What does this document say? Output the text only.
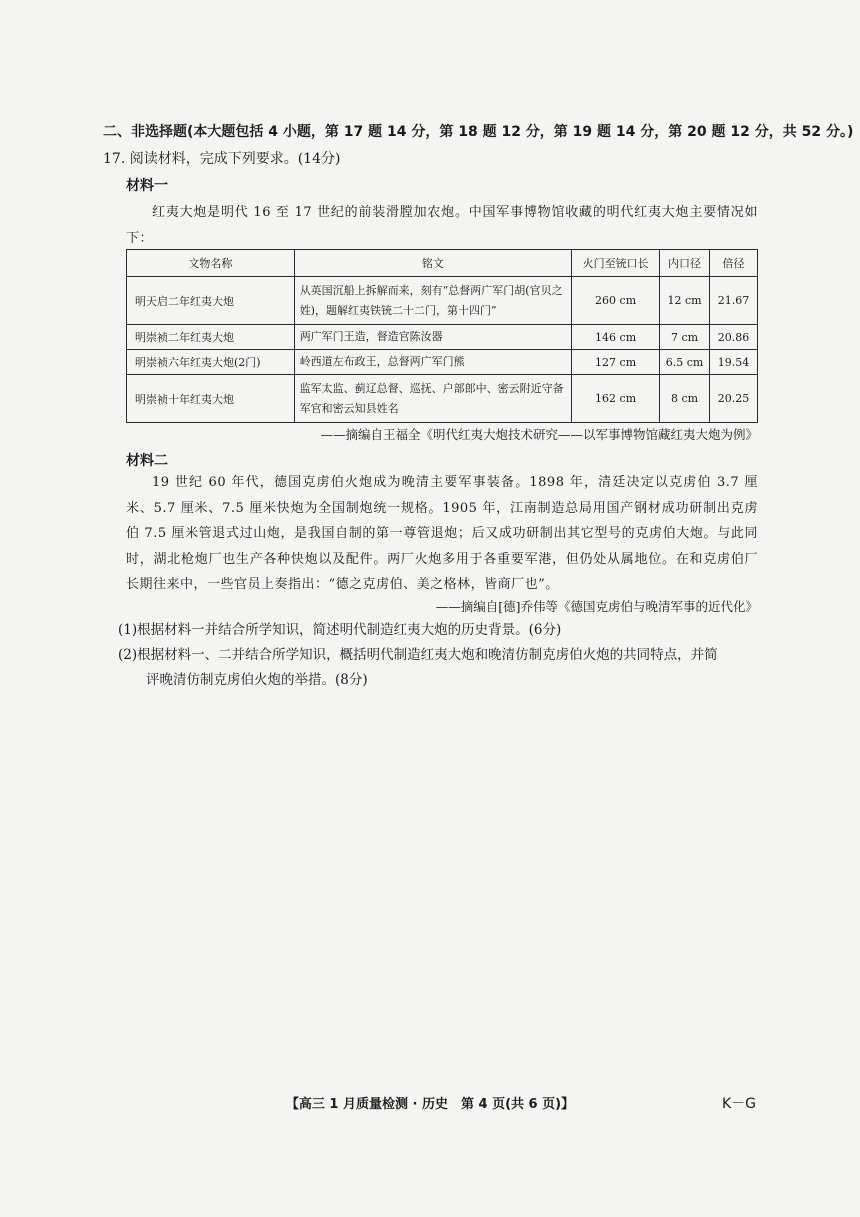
二、非选择题(本大题包括 4 小题，第 17 题 14 分，第 18 题 12 分，第 19 题 14 分，第 20 题 12 分，共 52 分。)
17. 阅读材料，完成下列要求。(14分)
材料一
红夷大炮是明代 16 至 17 世纪的前装滑膛加农炮。中国军事博物馆收藏的明代红夷大炮主要情况如下：
文物名称	铭文	火门至铳口长	内口径	倍径
明天启二年红夷大炮	从英国沉船上拆解而来，刻有“总督两广军门胡(官贝之姓)，题解红夷铁铳二十二门，第十四门”	260 cm	12 cm	21.67
明崇祯二年红夷大炮	两广军门王造，督造官陈汝器	146 cm	7 cm	20.86
明崇祯六年红夷大炮(2门)	岭西道左布政王，总督两广军门熊	127 cm	6.5 cm	19.54
明崇祯十年红夷大炮	监军太监、蓟辽总督、巡抚、户部郎中、密云附近守备军官和密云知县姓名	162 cm	8 cm	20.25
——摘编自王福全《明代红夷大炮技术研究——以军事博物馆藏红夷大炮为例》
材料二
19 世纪 60 年代，德国克虏伯火炮成为晚清主要军事装备。1898 年，清廷决定以克虏伯 3.7 厘米、5.7 厘米、7.5 厘米快炮为全国制炮统一规格。1905 年，江南制造总局用国产钢材成功研制出克虏伯 7.5 厘米管退式过山炮，是我国自制的第一尊管退炮；后又成功研制出其它型号的克虏伯大炮。与此同时，湖北枪炮厂也生产各种快炮以及配件。两厂火炮多用于各重要军港，但仍处从属地位。在和克虏伯厂长期往来中，一些官员上奏指出：“德之克虏伯、美之格林，皆商厂也”。
——摘编自[德]乔伟等《德国克虏伯与晚清军事的近代化》
(1)根据材料一并结合所学知识，简述明代制造红夷大炮的历史背景。(6分)
(2)根据材料一、二并结合所学知识，概括明代制造红夷大炮和晚清仿制克虏伯火炮的共同特点，并简
评晚清仿制克虏伯火炮的举措。(8分)
【高三 1 月质量检测 · 历史　第 4 页(共 6 页)】	K－G
